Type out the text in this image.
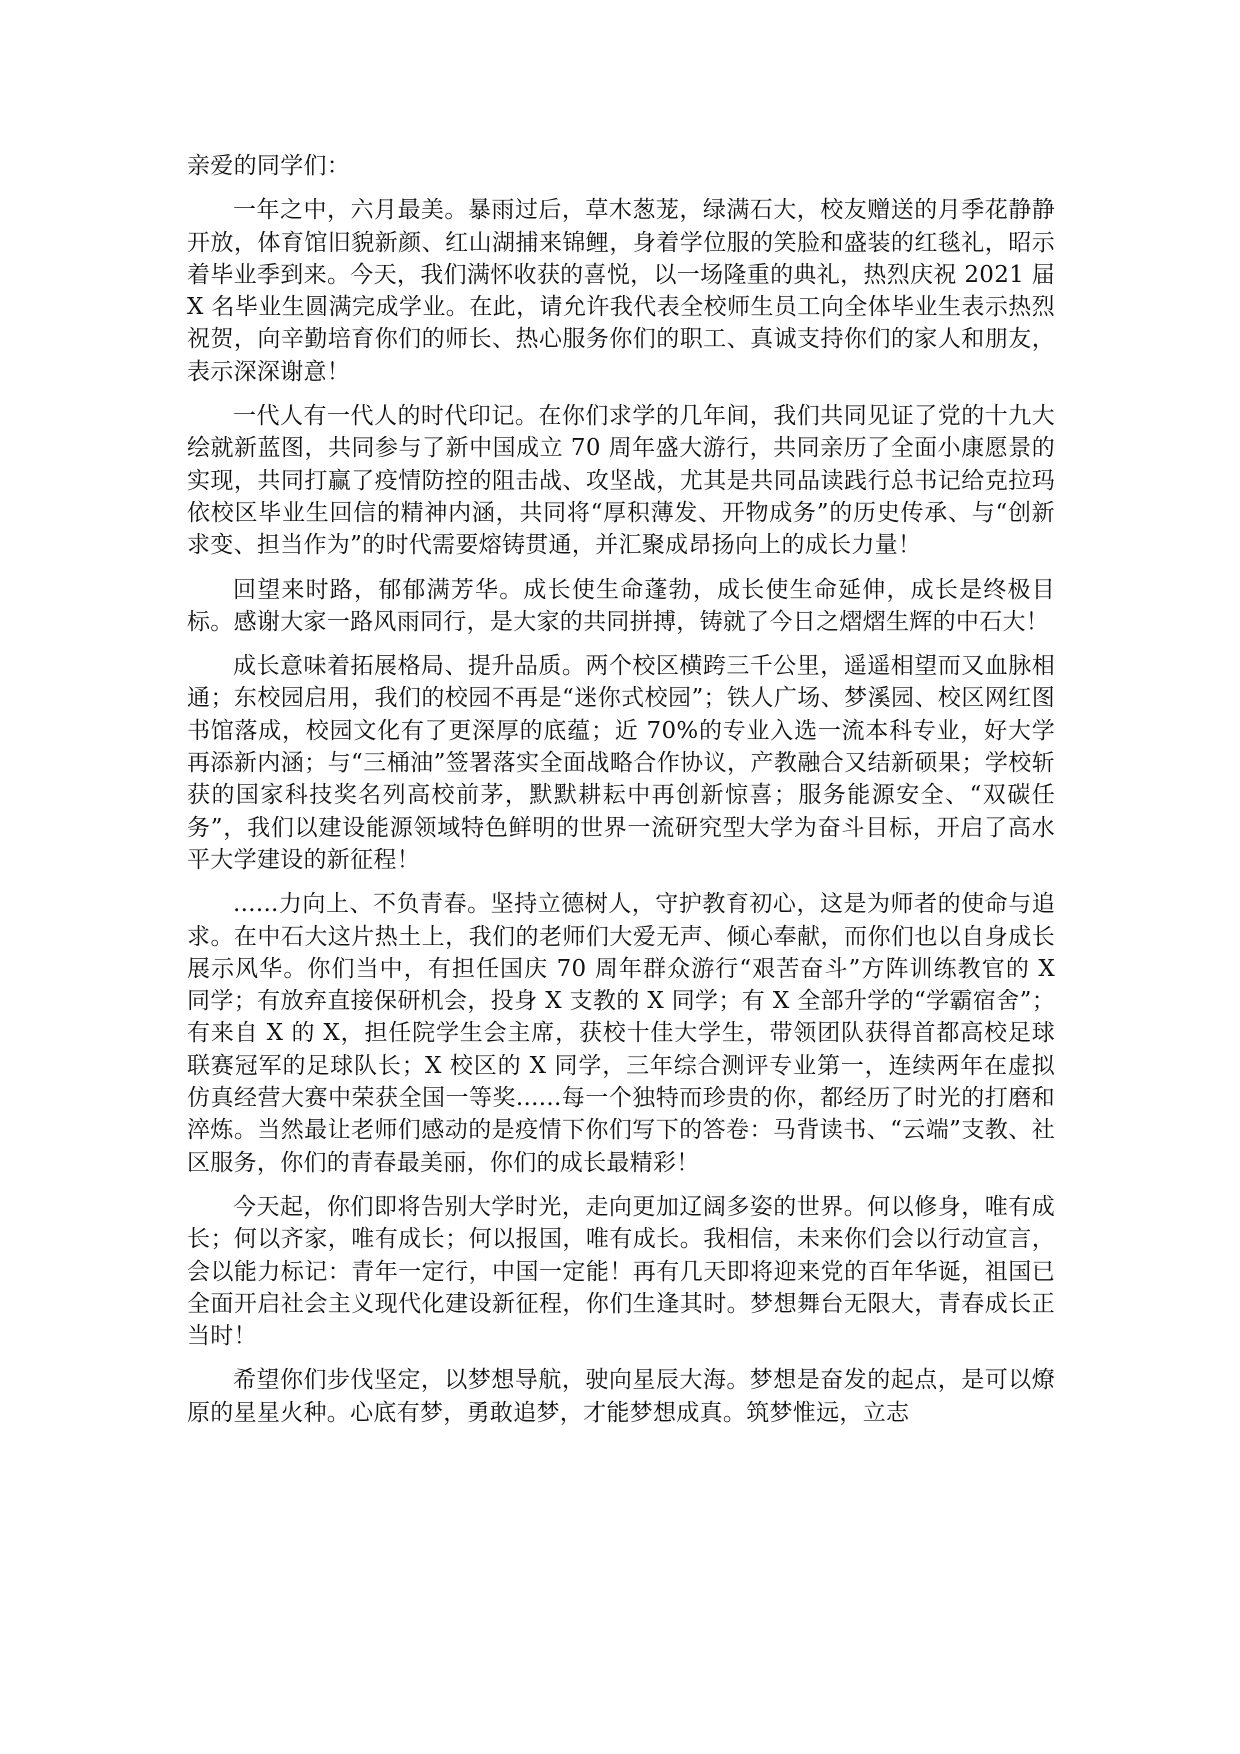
亲爱的同学们：

一年之中，六月最美。暴雨过后，草木葱茏，绿满石大，校友赠送的月季花静静开放，体育馆旧貌新颜、红山湖捕来锦鲤，身着学位服的笑脸和盛装的红毯礼，昭示着毕业季到来。今天，我们满怀收获的喜悦，以一场隆重的典礼，热烈庆祝 2021 届 X 名毕业生圆满完成学业。在此，请允许我代表全校师生员工向全体毕业生表示热烈祝贺，向辛勤培育你们的师长、热心服务你们的职工、真诚支持你们的家人和朋友，表示深深谢意！

一代人有一代人的时代印记。在你们求学的几年间，我们共同见证了党的十九大绘就新蓝图，共同参与了新中国成立 70 周年盛大游行，共同亲历了全面小康愿景的实现，共同打赢了疫情防控的阻击战、攻坚战，尤其是共同品读践行总书记给克拉玛依校区毕业生回信的精神内涵，共同将“厚积薄发、开物成务”的历史传承、与“创新求变、担当作为”的时代需要熔铸贯通，并汇聚成昂扬向上的成长力量！

回望来时路，郁郁满芳华。成长使生命蓬勃，成长使生命延伸，成长是终极目标。感谢大家一路风雨同行，是大家的共同拼搏，铸就了今日之熠熠生辉的中石大！

成长意味着拓展格局、提升品质。两个校区横跨三千公里，遥遥相望而又血脉相通；东校园启用，我们的校园不再是“迷你式校园”；铁人广场、梦溪园、校区网红图书馆落成，校园文化有了更深厚的底蕴；近 70%的专业入选一流本科专业，好大学再添新内涵；与“三桶油”签署落实全面战略合作协议，产教融合又结新硕果；学校斩获的国家科技奖名列高校前茅，默默耕耘中再创新惊喜；服务能源安全、“双碳任务”，我们以建设能源领域特色鲜明的世界一流研究型大学为奋斗目标，开启了高水平大学建设的新征程！

......力向上、不负青春。坚持立德树人，守护教育初心，这是为师者的使命与追求。在中石大这片热土上，我们的老师们大爱无声、倾心奉献，而你们也以自身成长展示风华。你们当中，有担任国庆 70 周年群众游行“艰苦奋斗”方阵训练教官的 X 同学；有放弃直接保研机会，投身 X 支教的 X 同学；有 X 全部升学的“学霸宿舍”；有来自 X 的 X，担任院学生会主席，获校十佳大学生，带领团队获得首都高校足球联赛冠军的足球队长；X 校区的 X 同学，三年综合测评专业第一，连续两年在虚拟仿真经营大赛中荣获全国一等奖......每一个独特而珍贵的你，都经历了时光的打磨和淬炼。当然最让老师们感动的是疫情下你们写下的答卷：马背读书、“云端”支教、社区服务，你们的青春最美丽，你们的成长最精彩！

今天起，你们即将告别大学时光，走向更加辽阔多姿的世界。何以修身，唯有成长；何以齐家，唯有成长；何以报国，唯有成长。我相信，未来你们会以行动宣言，会以能力标记：青年一定行，中国一定能！再有几天即将迎来党的百年华诞，祖国已全面开启社会主义现代化建设新征程，你们生逢其时。梦想舞台无限大，青春成长正当时！

希望你们步伐坚定，以梦想导航，驶向星辰大海。梦想是奋发的起点，是可以燎原的星星火种。心底有梦，勇敢追梦，才能梦想成真。筑梦惟远，立志
